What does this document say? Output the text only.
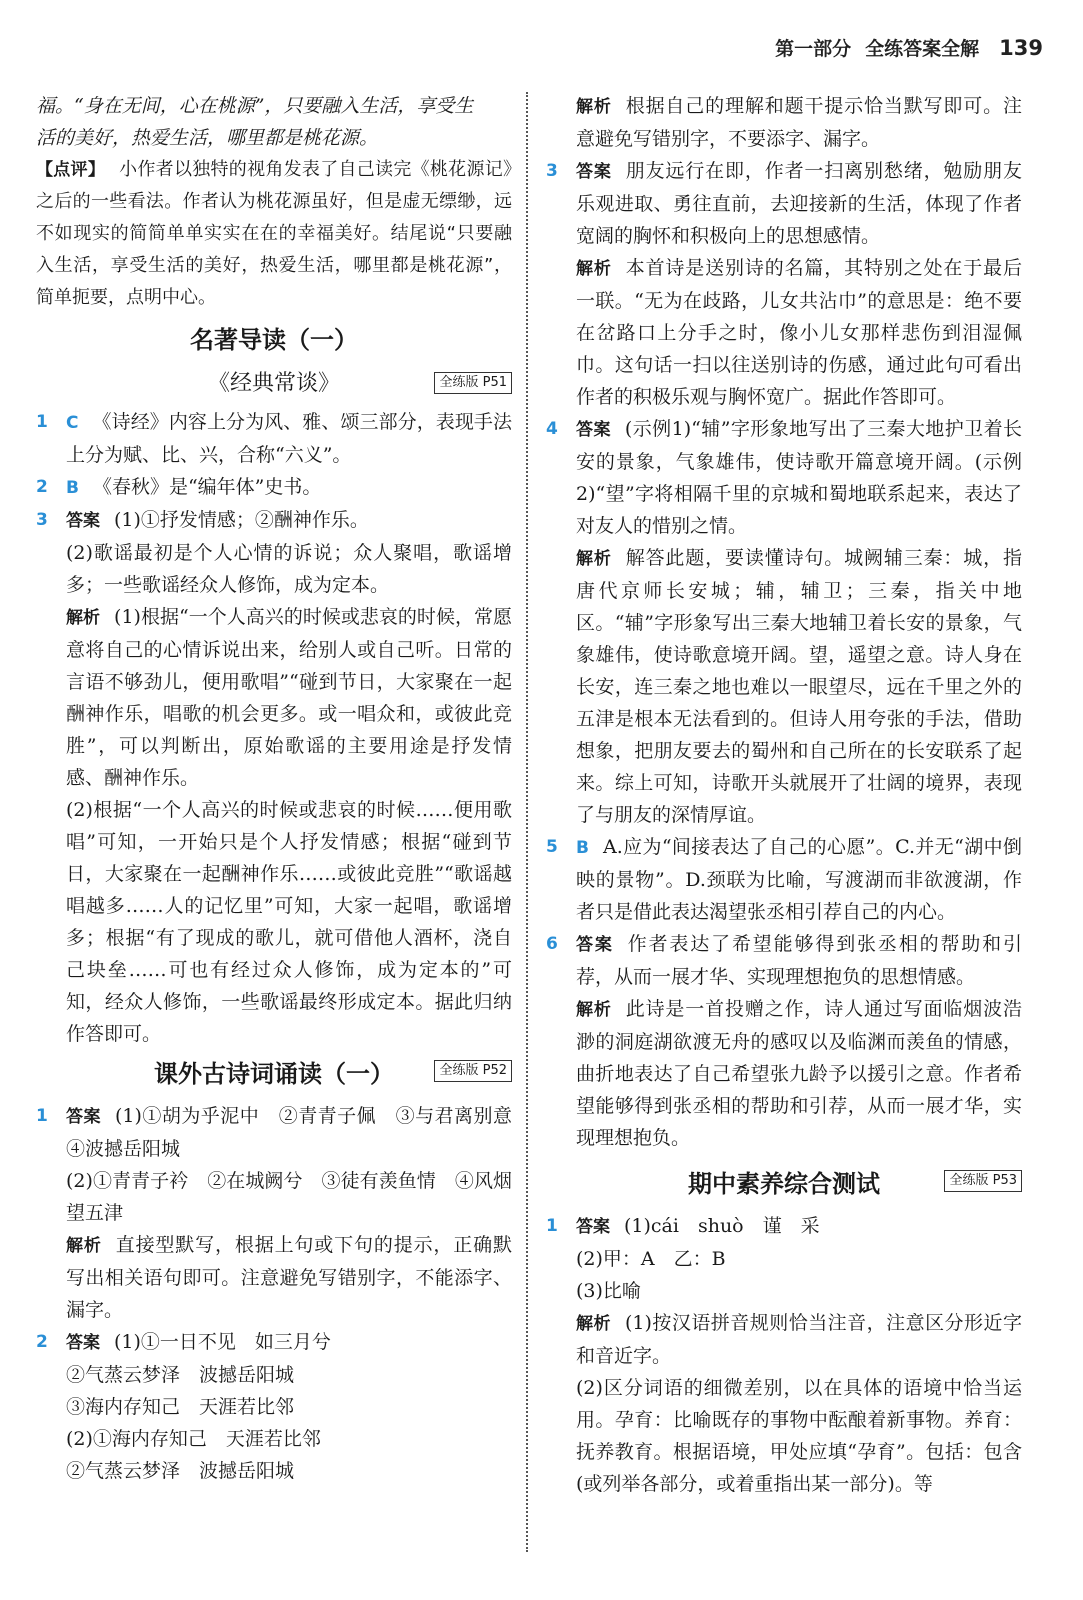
第一部分 全练答案全解 139

福。“身在无间，心在桃源”，只要融入生活，享受生

活的美好，热爱生活，哪里都是桃花源。

【点评】 小作者以独特的视角发表了自己读完《桃花源记》之后的一些看法。作者认为桃花源虽好，但是虚无缥缈，远不如现实的简简单单实实在在的幸福美好。结尾说“只要融入生活，享受生活的美好，热爱生活，哪里都是桃花源”，简单扼要，点明中心。

名著导读（一）
《经典常谈》	全练版 P51
1 C 《诗经》内容上分为风、雅、颂三部分，表现手法上分为赋、比、兴，合称“六义”。

2 B 《春秋》是“编年体”史书。

3 答案 (1)①抒发情感；②酬神作乐。

(2)歌谣最初是个人心情的诉说；众人聚唱，歌谣增多；一些歌谣经众人修饰，成为定本。

解析 (1)根据“一个人高兴的时候或悲哀的时候，常愿意将自己的心情诉说出来，给别人或自己听。日常的言语不够劲儿，便用歌唱”“碰到节日，大家聚在一起酬神作乐，唱歌的机会更多。或一唱众和，或彼此竞胜”，可以判断出，原始歌谣的主要用途是抒发情感、酬神作乐。

(2)根据“一个人高兴的时候或悲哀的时候……便用歌唱”可知，一开始只是个人抒发情感；根据“碰到节日，大家聚在一起酬神作乐……或彼此竞胜”“歌谣越唱越多……人的记忆里”可知，大家一起唱，歌谣增多；根据“有了现成的歌儿，就可借他人酒杯，浇自己块垒……可也有经过众人修饰，成为定本的”可知，经众人修饰，一些歌谣最终形成定本。据此归纳作答即可。

课外古诗词诵读（一）	全练版 P52
1 答案 (1)①胡为乎泥中　②青青子佩　③与君离别意　④波撼岳阳城

(2)①青青子衿　②在城阙兮　③徒有羡鱼情　④风烟望五津

解析 直接型默写，根据上句或下句的提示，正确默写出相关语句即可。注意避免写错别字，不能添字、漏字。

2 答案 (1)①一日不见　如三月兮

②气蒸云梦泽　波撼岳阳城

③海内存知己　天涯若比邻

(2)①海内存知己　天涯若比邻

②气蒸云梦泽　波撼岳阳城

解析 根据自己的理解和题干提示恰当默写即可。注意避免写错别字，不要添字、漏字。

3 答案 朋友远行在即，作者一扫离别愁绪，勉励朋友乐观进取、勇往直前，去迎接新的生活，体现了作者宽阔的胸怀和积极向上的思想感情。

解析 本首诗是送别诗的名篇，其特别之处在于最后一联。“无为在歧路，儿女共沾巾”的意思是：绝不要在岔路口上分手之时，像小儿女那样悲伤到泪湿佩巾。这句话一扫以往送别诗的伤感，通过此句可看出作者的积极乐观与胸怀宽广。据此作答即可。

4 答案 (示例1)“辅”字形象地写出了三秦大地护卫着长安的景象，气象雄伟，使诗歌开篇意境开阔。(示例2)“望”字将相隔千里的京城和蜀地联系起来，表达了对友人的惜别之情。

解析 解答此题，要读懂诗句。城阙辅三秦：城，指唐代京师长安城；辅，辅卫；三秦，指关中地区。“辅”字形象写出三秦大地辅卫着长安的景象，气象雄伟，使诗歌意境开阔。望，遥望之意。诗人身在长安，连三秦之地也难以一眼望尽，远在千里之外的五津是根本无法看到的。但诗人用夸张的手法，借助想象，把朋友要去的蜀州和自己所在的长安联系了起来。综上可知，诗歌开头就展开了壮阔的境界，表现了与朋友的深情厚谊。

5 B A.应为“间接表达了自己的心愿”。C.并无“湖中倒映的景物”。D.颈联为比喻，写渡湖而非欲渡湖，作者只是借此表达渴望张丞相引荐自己的内心。

6 答案 作者表达了希望能够得到张丞相的帮助和引荐，从而一展才华、实现理想抱负的思想情感。

解析 此诗是一首投赠之作，诗人通过写面临烟波浩渺的洞庭湖欲渡无舟的感叹以及临渊而羡鱼的情感，曲折地表达了自己希望张九龄予以援引之意。作者希望能够得到张丞相的帮助和引荐，从而一展才华，实现理想抱负。

期中素养综合测试	全练版 P53
1 答案 (1)cái　shuò　谨　采

(2)甲：A　乙：B

(3)比喻

解析 (1)按汉语拼音规则恰当注音，注意区分形近字和音近字。

(2)区分词语的细微差别，以在具体的语境中恰当运用。孕育：比喻既存的事物中酝酿着新事物。养育：抚养教育。根据语境，甲处应填“孕育”。包括：包含(或列举各部分，或着重指出某一部分)。等
